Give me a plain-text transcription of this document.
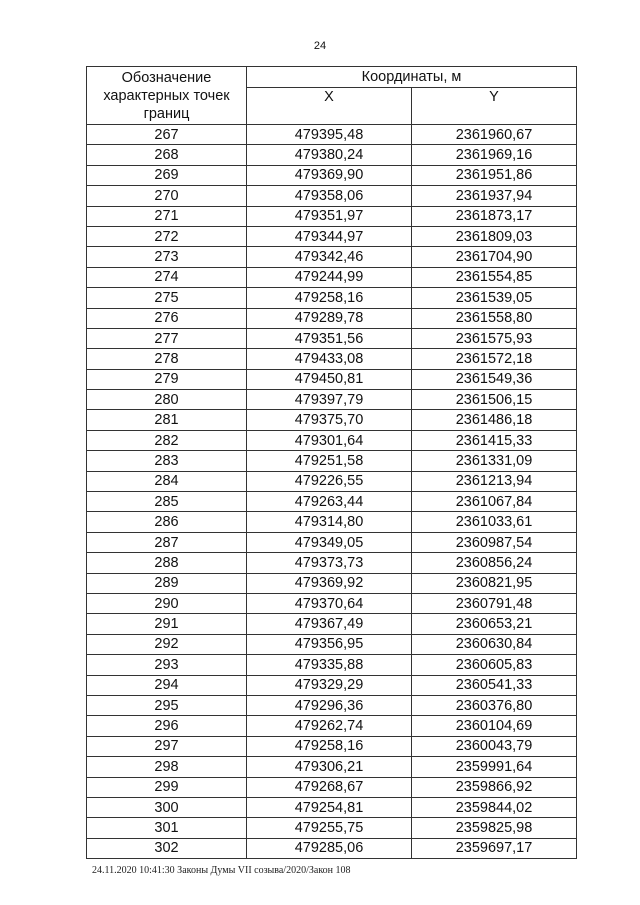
24
Обозначение характерных точек границ	Координаты, м	
	X	Y
267	479395,48	2361960,67
268	479380,24	2361969,16
269	479369,90	2361951,86
270	479358,06	2361937,94
271	479351,97	2361873,17
272	479344,97	2361809,03
273	479342,46	2361704,90
274	479244,99	2361554,85
275	479258,16	2361539,05
276	479289,78	2361558,80
277	479351,56	2361575,93
278	479433,08	2361572,18
279	479450,81	2361549,36
280	479397,79	2361506,15
281	479375,70	2361486,18
282	479301,64	2361415,33
283	479251,58	2361331,09
284	479226,55	2361213,94
285	479263,44	2361067,84
286	479314,80	2361033,61
287	479349,05	2360987,54
288	479373,73	2360856,24
289	479369,92	2360821,95
290	479370,64	2360791,48
291	479367,49	2360653,21
292	479356,95	2360630,84
293	479335,88	2360605,83
294	479329,29	2360541,33
295	479296,36	2360376,80
296	479262,74	2360104,69
297	479258,16	2360043,79
298	479306,21	2359991,64
299	479268,67	2359866,92
300	479254,81	2359844,02
301	479255,75	2359825,98
302	479285,06	2359697,17
24.11.2020 10:41:30 Законы Думы VII созыва/2020/Закон 108
